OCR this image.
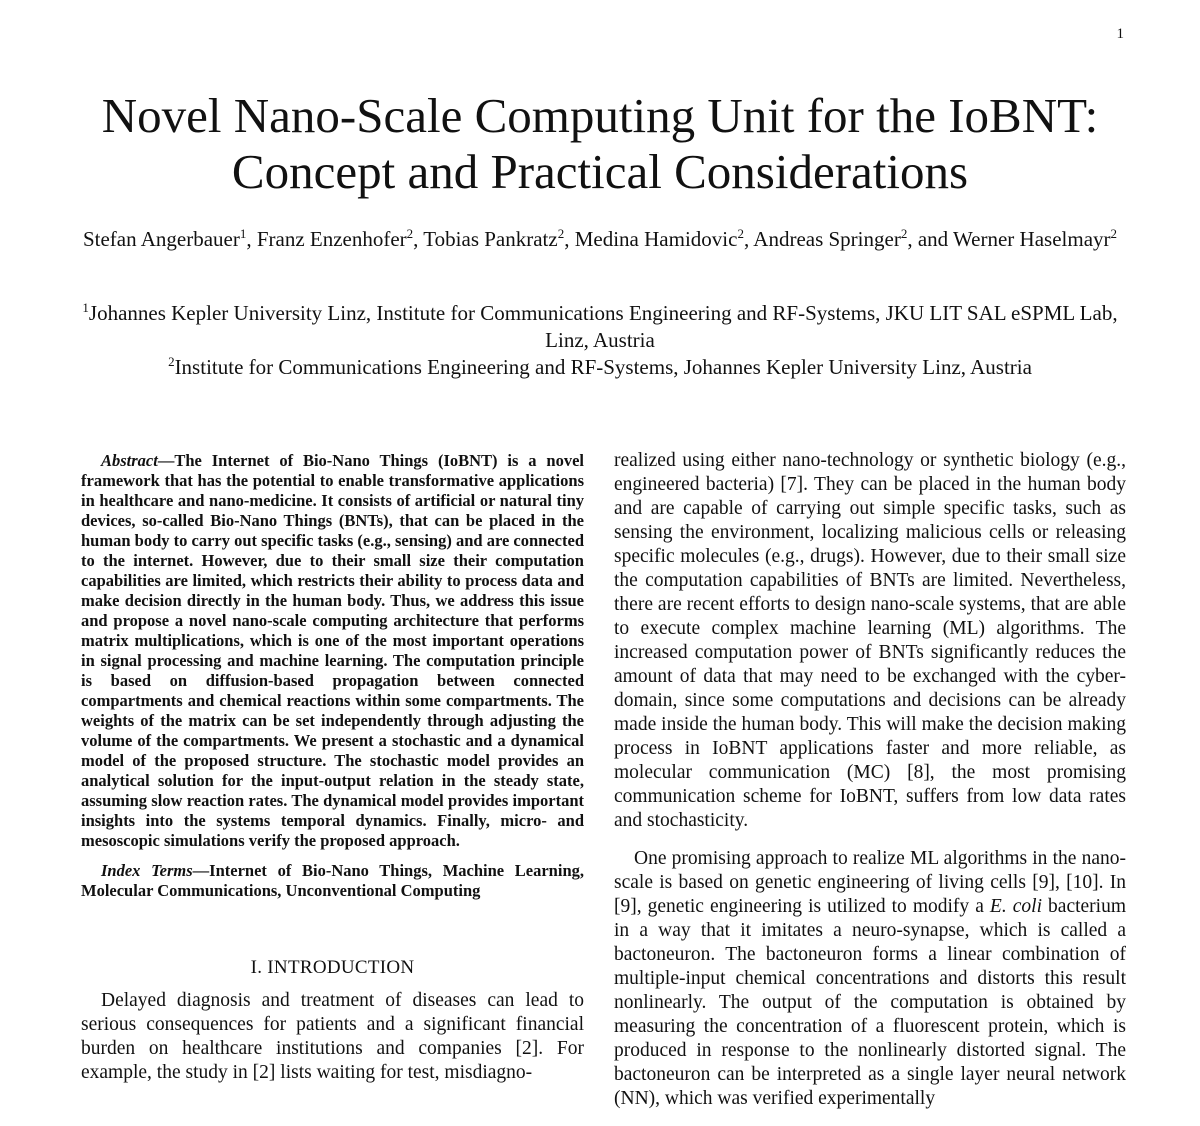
1
Novel Nano-Scale Computing Unit for the IoBNT:
Concept and Practical Considerations
Stefan Angerbauer$^1$, Franz Enzenhofer$^2$, Tobias Pankratz$^2$, Medina Hamidovic$^2$, Andreas Springer$^2$, and Werner Haselmayr$^2$

$^1$Johannes Kepler University Linz, Institute for Communications Engineering and RF-Systems, JKU LIT SAL eSPML Lab, Linz, Austria

$^2$Institute for Communications Engineering and RF-Systems, Johannes Kepler University Linz, Austria

Abstract—The Internet of Bio-Nano Things (IoBNT) is a novel framework that has the potential to enable transformative applications in healthcare and nano-medicine. It consists of artificial or natural tiny devices, so-called Bio-Nano Things (BNTs), that can be placed in the human body to carry out specific tasks (e.g., sensing) and are connected to the internet. However, due to their small size their computation capabilities are limited, which restricts their ability to process data and make decision directly in the human body. Thus, we address this issue and propose a novel nano-scale computing architecture that performs matrix multiplications, which is one of the most important operations in signal processing and machine learning. The computation principle is based on diffusion-based propagation between connected compartments and chemical reactions within some compartments. The weights of the matrix can be set independently through adjusting the volume of the compartments. We present a stochastic and a dynamical model of the proposed structure. The stochastic model provides an analytical solution for the input-output relation in the steady state, assuming slow reaction rates. The dynamical model provides important insights into the systems temporal dynamics. Finally, micro- and mesoscopic simulations verify the proposed approach.

Index Terms—Internet of Bio-Nano Things, Machine Learning, Molecular Communications, Unconventional Computing

I. INTRODUCTION

Delayed diagnosis and treatment of diseases can lead to serious consequences for patients and a significant financial burden on healthcare institutions and companies [2]. For example, the study in [2] lists waiting for test, misdiagno-

realized using either nano-technology or synthetic biology (e.g., engineered bacteria) [7]. They can be placed in the human body and are capable of carrying out simple specific tasks, such as sensing the environment, localizing malicious cells or releasing specific molecules (e.g., drugs). However, due to their small size the computation capabilities of BNTs are limited. Nevertheless, there are recent efforts to design nano-scale systems, that are able to execute complex machine learning (ML) algorithms. The increased computation power of BNTs significantly reduces the amount of data that may need to be exchanged with the cyber-domain, since some computations and decisions can be already made inside the human body. This will make the decision making process in IoBNT applications faster and more reliable, as molecular communication (MC) [8], the most promising communication scheme for IoBNT, suffers from low data rates and stochasticity.

One promising approach to realize ML algorithms in the nano-scale is based on genetic engineering of living cells [9], [10]. In [9], genetic engineering is utilized to modify a E. coli bacterium in a way that it imitates a neuro-synapse, which is called a bactoneuron. The bactoneuron forms a linear combination of multiple-input chemical concentrations and distorts this result nonlinearly. The output of the computation is obtained by measuring the concentration of a fluorescent protein, which is produced in response to the nonlinearly distorted signal. The bactoneuron can be interpreted as a single layer neural network (NN), which was verified experimentally
